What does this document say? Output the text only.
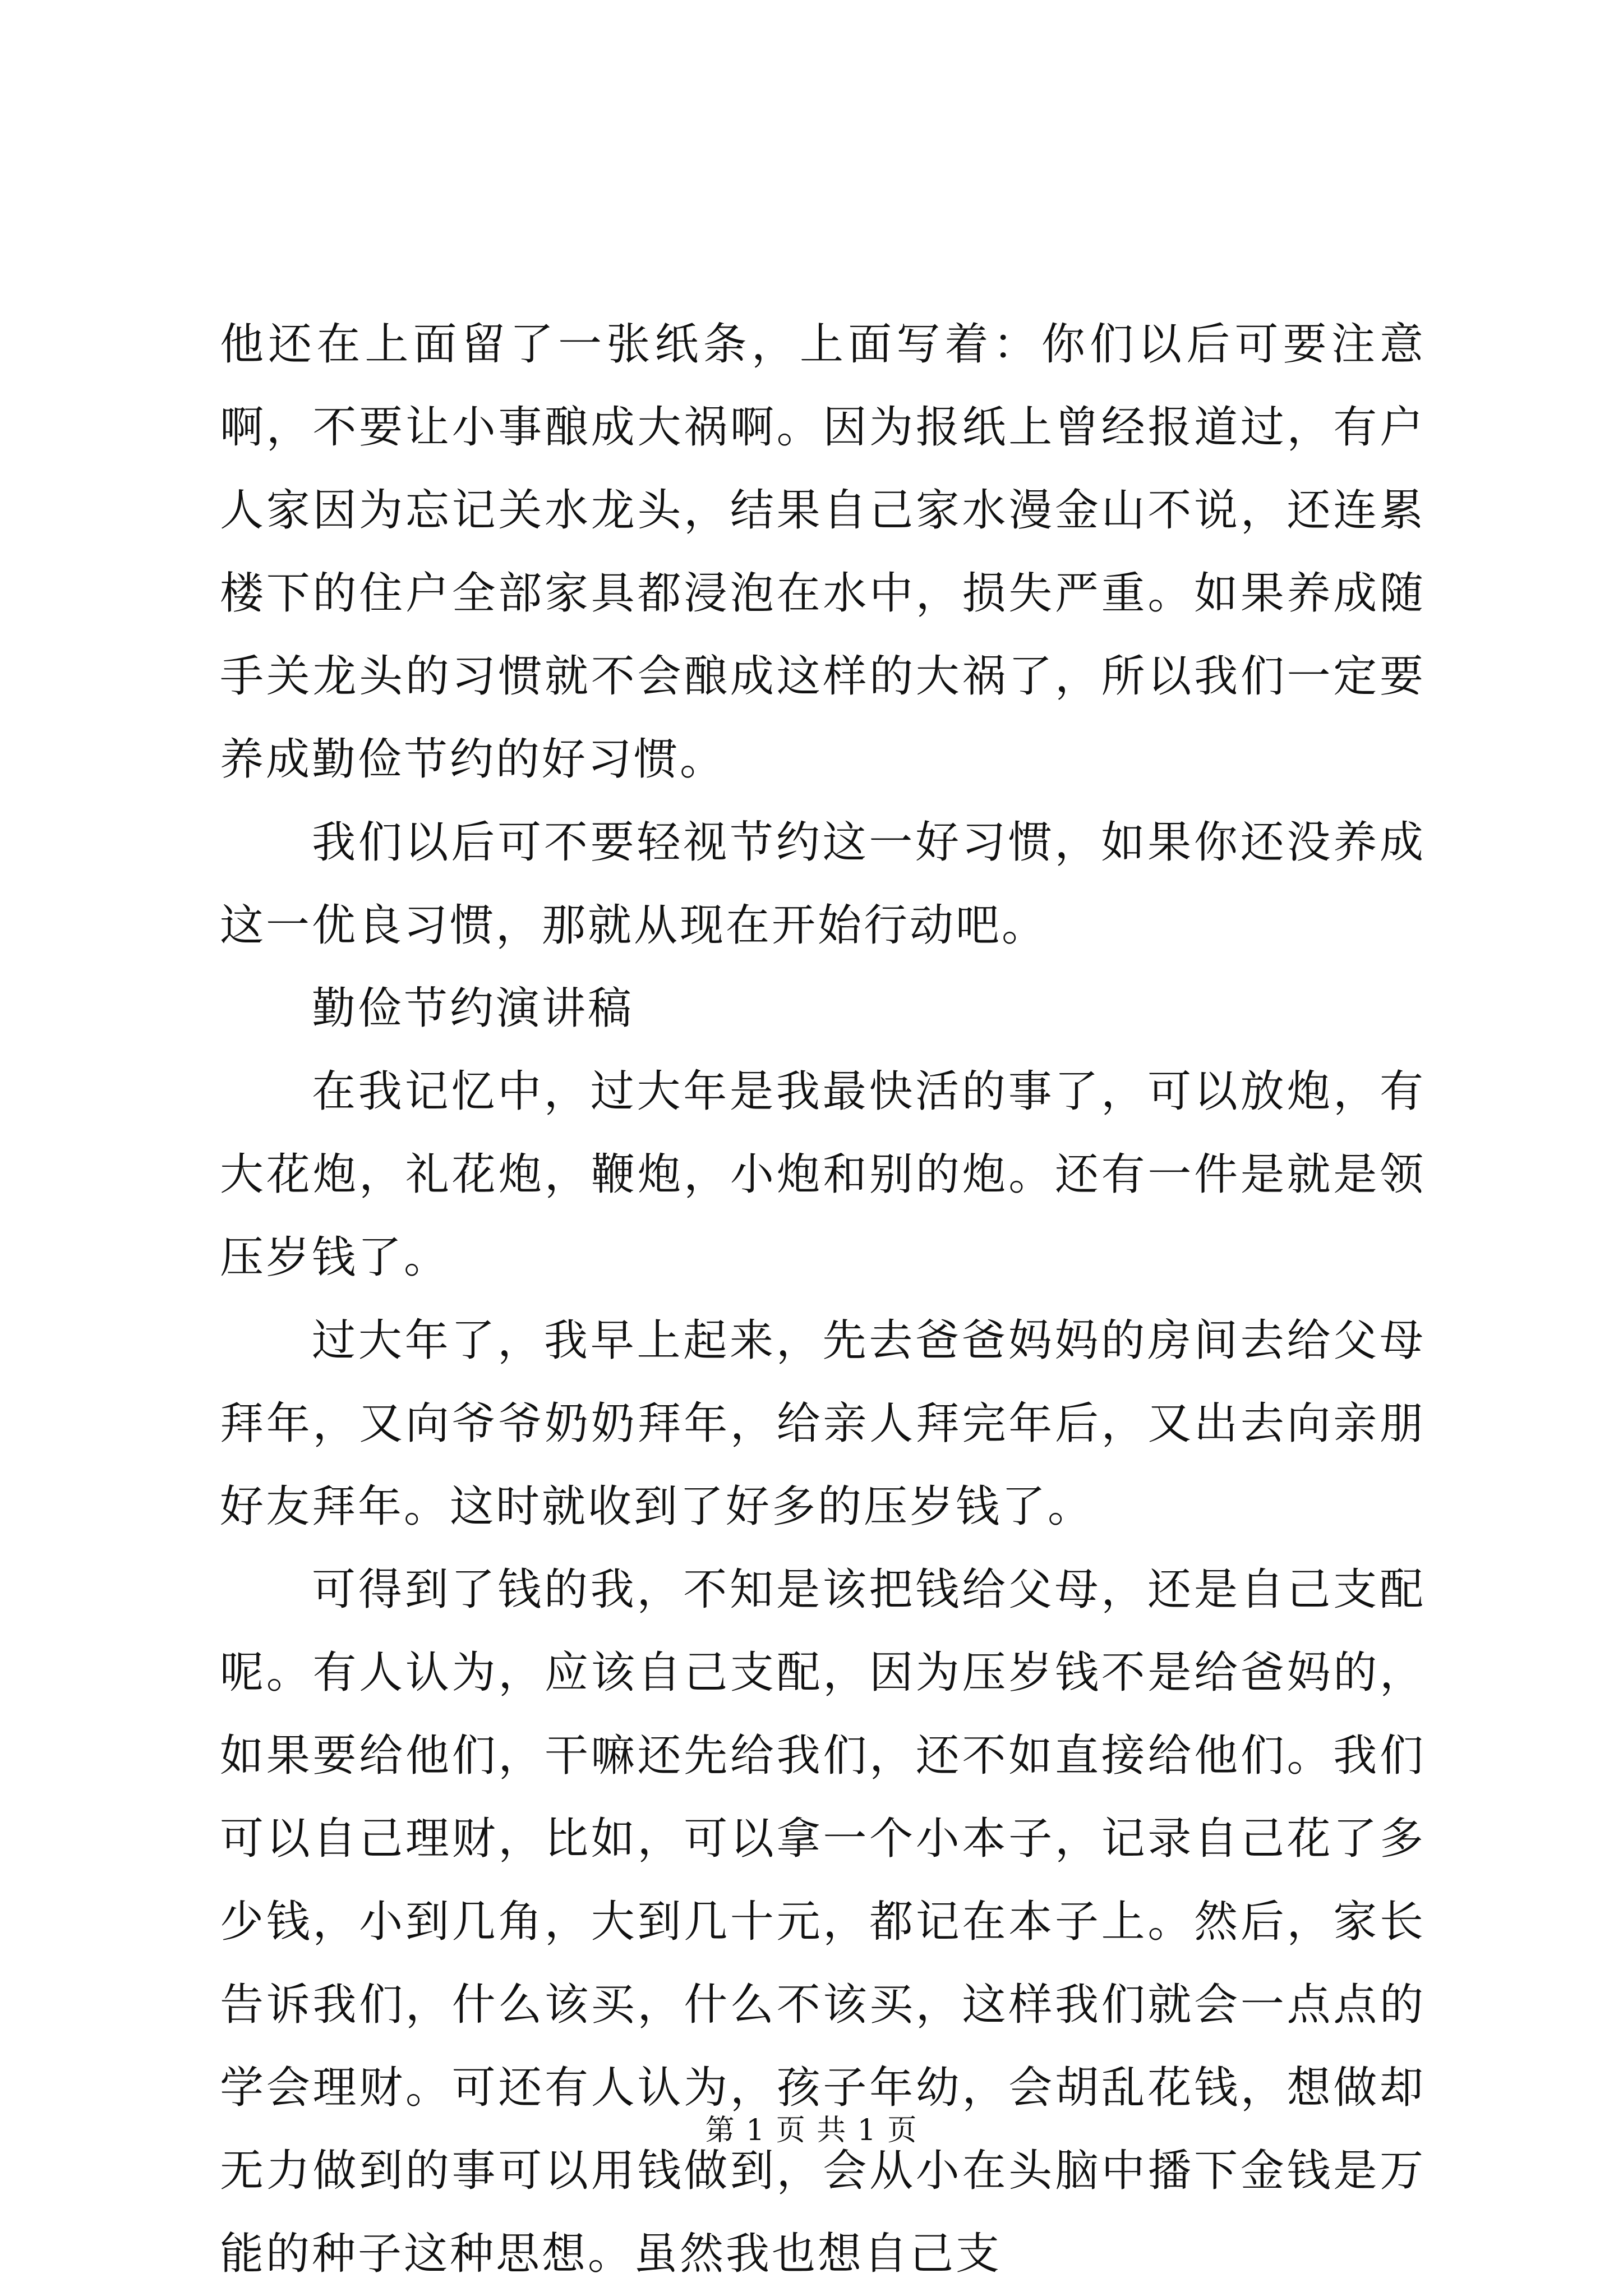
他还在上面留了一张纸条，上面写着：你们以后可要注意啊，不要让小事酿成大祸啊。因为报纸上曾经报道过，有户人家因为忘记关水龙头，结果自己家水漫金山不说，还连累楼下的住户全部家具都浸泡在水中，损失严重。如果养成随手关龙头的习惯就不会酿成这样的大祸了，所以我们一定要养成勤俭节约的好习惯。

我们以后可不要轻视节约这一好习惯，如果你还没养成这一优良习惯，那就从现在开始行动吧。

勤俭节约演讲稿

在我记忆中，过大年是我最快活的事了，可以放炮，有大花炮，礼花炮，鞭炮，小炮和别的炮。还有一件是就是领压岁钱了。

过大年了，我早上起来，先去爸爸妈妈的房间去给父母拜年，又向爷爷奶奶拜年，给亲人拜完年后，又出去向亲朋好友拜年。这时就收到了好多的压岁钱了。

可得到了钱的我，不知是该把钱给父母，还是自己支配呢。有人认为，应该自己支配，因为压岁钱不是给爸妈的，如果要给他们，干嘛还先给我们，还不如直接给他们。我们可以自己理财，比如，可以拿一个小本子，记录自己花了多少钱，小到几角，大到几十元，都记在本子上。然后，家长告诉我们，什么该买，什么不该买，这样我们就会一点点的学会理财。可还有人认为，孩子年幼，会胡乱花钱，想做却无力做到的事可以用钱做到，会从小在头脑中播下金钱是万能的种子这种思想。虽然我也想自己支

第 1 页 共 1 页
